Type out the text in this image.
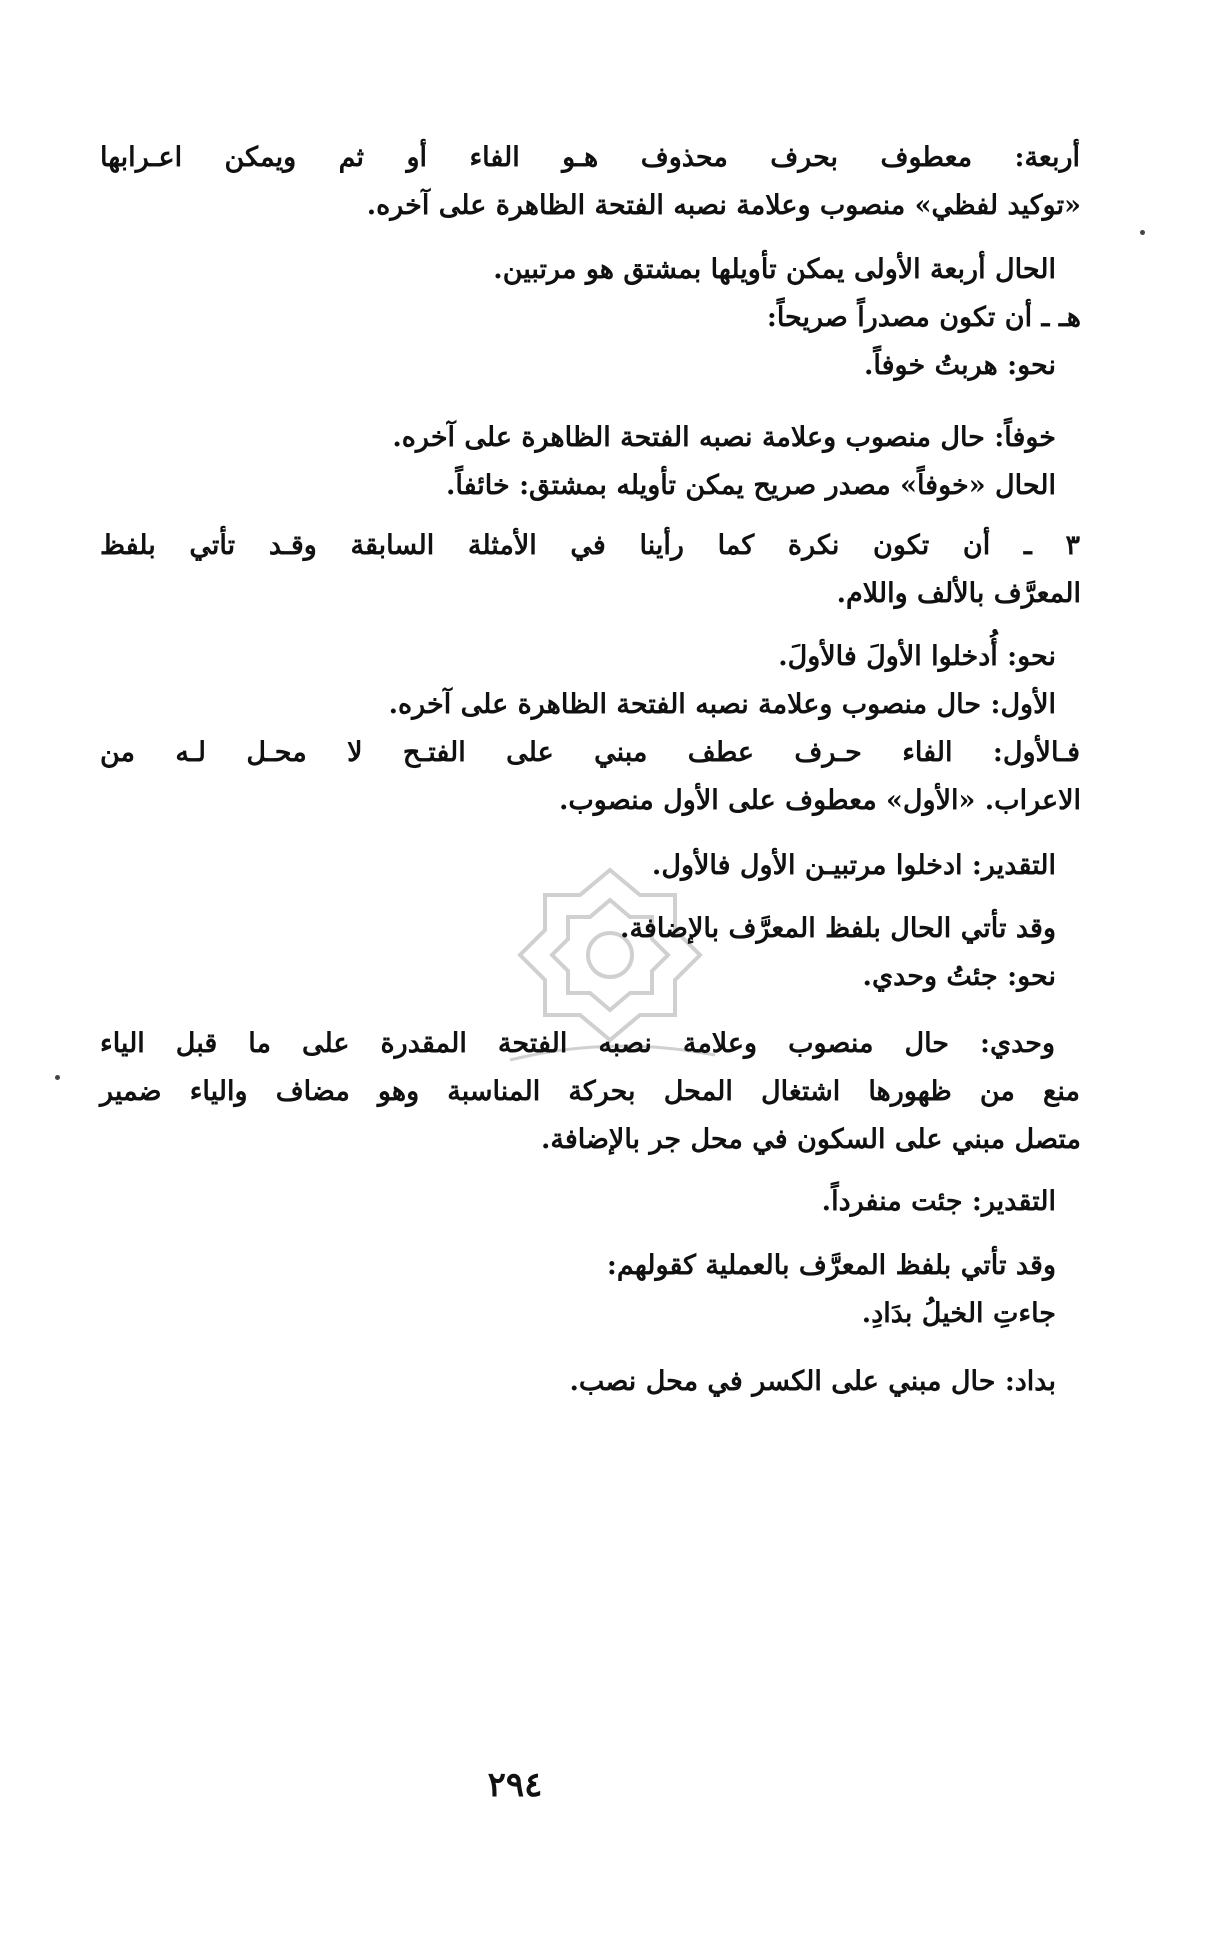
أربعة: معطوف بحرف محذوف هـو الفاء أو ثم ويمكن اعـرابها
«توكيد لفظي» منصوب وعلامة نصبه الفتحة الظاهرة على آخره.
الحال أربعة الأولى يمكن تأويلها بمشتق هو مرتبين.
هـ ـ أن تكون مصدراً صريحاً:
نحو: هربتُ خوفاً.
خوفاً: حال منصوب وعلامة نصبه الفتحة الظاهرة على آخره.
الحال «خوفاً» مصدر صريح يمكن تأويله بمشتق: خائفاً.
٣ ـ أن تكون نكرة كما رأينا في الأمثلة السابقة وقـد تأتي بلفظ
المعرَّف بالألف واللام.
نحو: أُدخلوا الأولَ فالأولَ.
الأول: حال منصوب وعلامة نصبه الفتحة الظاهرة على آخره.
فـالأول: الفاء حـرف عطف مبني على الفتـح لا محـل لـه من
الاعراب. «الأول» معطوف على الأول منصوب.
التقدير: ادخلوا مرتبيـن الأول فالأول.
وقد تأتي الحال بلفظ المعرَّف بالإضافة.
نحو: جئتُ وحدي.
وحدي: حال منصوب وعلامة نصبه الفتحة المقدرة على ما قبل الياء
منع من ظهورها اشتغال المحل بحركة المناسبة وهو مضاف والياء ضمير
متصل مبني على السكون في محل جر بالإضافة.
التقدير: جئت منفرداً.
وقد تأتي بلفظ المعرَّف بالعملية كقولهم:
جاءتِ الخيلُ بدَادِ.
بداد: حال مبني على الكسر في محل نصب.
٢٩٤
